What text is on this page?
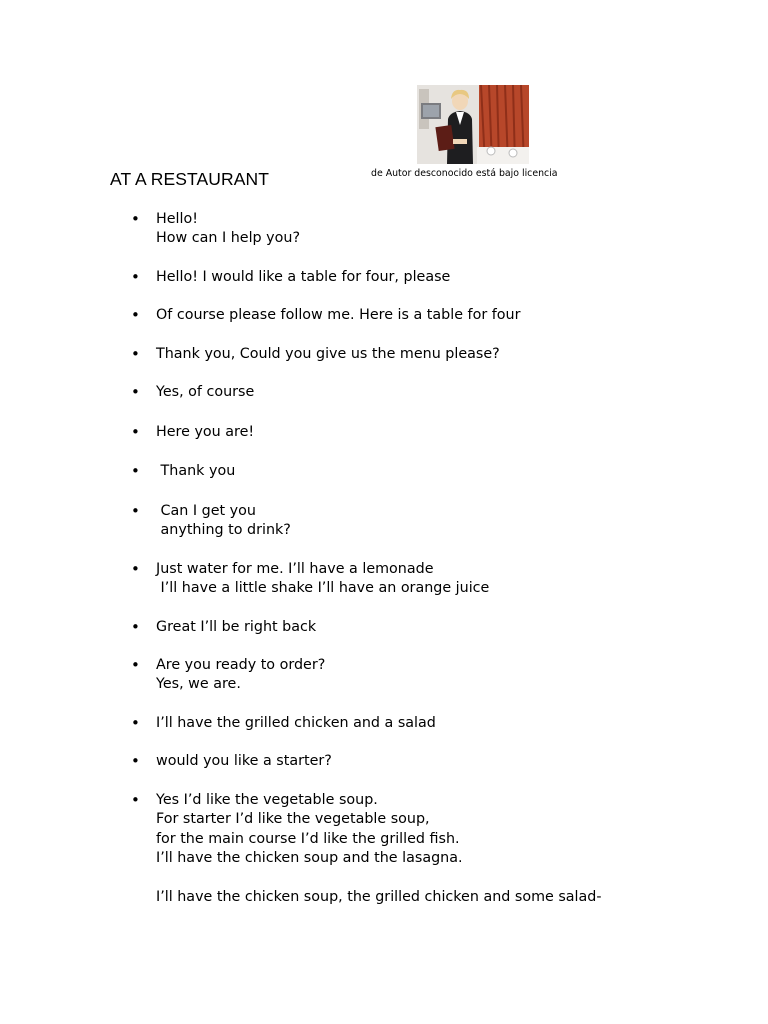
de Autor desconocido está bajo licencia
AT A RESTAURANT
• Hello!
How can I help you?
• Hello! I would like a table for four, please
• Of course please follow me. Here is a table for four
• Thank you, Could you give us the menu please?
• Yes, of course
• Here you are!
• Thank you
• Can I get you
anything to drink?
• Just water for me. I’ll have a lemonade
I’ll have a little shake I’ll have an orange juice
• Great I’ll be right back
• Are you ready to order?
Yes, we are.
• I’ll have the grilled chicken and a salad
• would you like a starter?
• Yes I’d like the vegetable soup.
For starter I’d like the vegetable soup,
for the main course I’d like the grilled fish.
I’ll have the chicken soup and the lasagna.
I’ll have the chicken soup, the grilled chicken and some salad-
